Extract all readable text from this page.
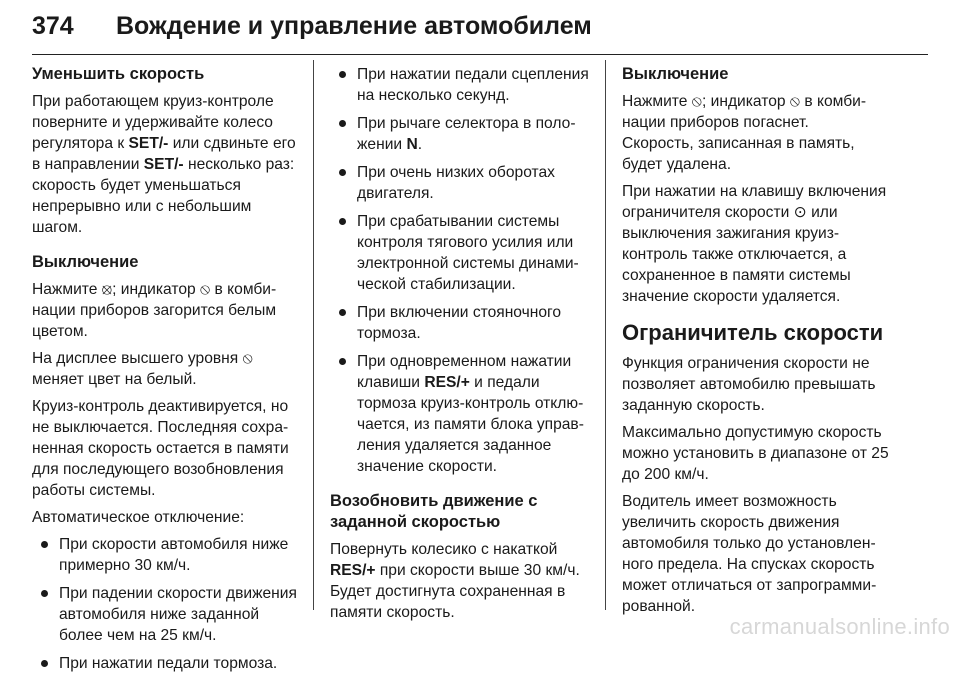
374 Вождение и управление автомобилем
Уменьшить скорость

При работающем круиз-контроле поверните и удерживайте колесо регулятора к SET/- или сдвиньте его в направлении SET/- несколько раз: скорость будет уменьшаться непрерывно или с небольшим шагом.

Выключение

Нажмите ⦻; индикатор ⦸ в комбинации приборов загорится белым цветом.

На дисплее высшего уровня ⦸ меняет цвет на белый.

Круиз-контроль деактивируется, но не выключается. Последняя сохраненная скорость остается в памяти для последующего возобновления работы системы.

Автоматическое отключение:

При скорости автомобиля ниже примерно 30 км/ч.
При падении скорости движения автомобиля ниже заданной более чем на 25 км/ч.
При нажатии педали тормоза.
При нажатии педали сцепления на несколько секунд.
При рычаге селектора в положении N.
При очень низких оборотах двигателя.
При срабатывании системы контроля тягового усилия или электронной системы динамической стабилизации.
При включении стояночного тормоза.
При одновременном нажатии клавиши RES/+ и педали тормоза круиз-контроль отключается, из памяти блока управления удаляется заданное значение скорости.
Возобновить движение с заданной скоростью

Повернуть колесико с накаткой RES/+ при скорости выше 30 км/ч. Будет достигнута сохраненная в памяти скорость.

Выключение

Нажмите ⦸; индикатор ⦸ в комбинации приборов погаснет.

Скорость, записанная в память, будет удалена.

При нажатии на клавишу включения ограничителя скорости ⊙ или выключения зажигания круиз-контроль также отключается, а сохраненное в памяти системы значение скорости удаляется.

Ограничитель скорости

Функция ограничения скорости не позволяет автомобилю превышать заданную скорость.

Максимально допустимую скорость можно установить в диапазоне от 25 до 200 км/ч.

Водитель имеет возможность увеличить скорость движения автомобиля только до установленного предела. На спусках скорость может отличаться от запрограммированной.

carmanualsonline.info
